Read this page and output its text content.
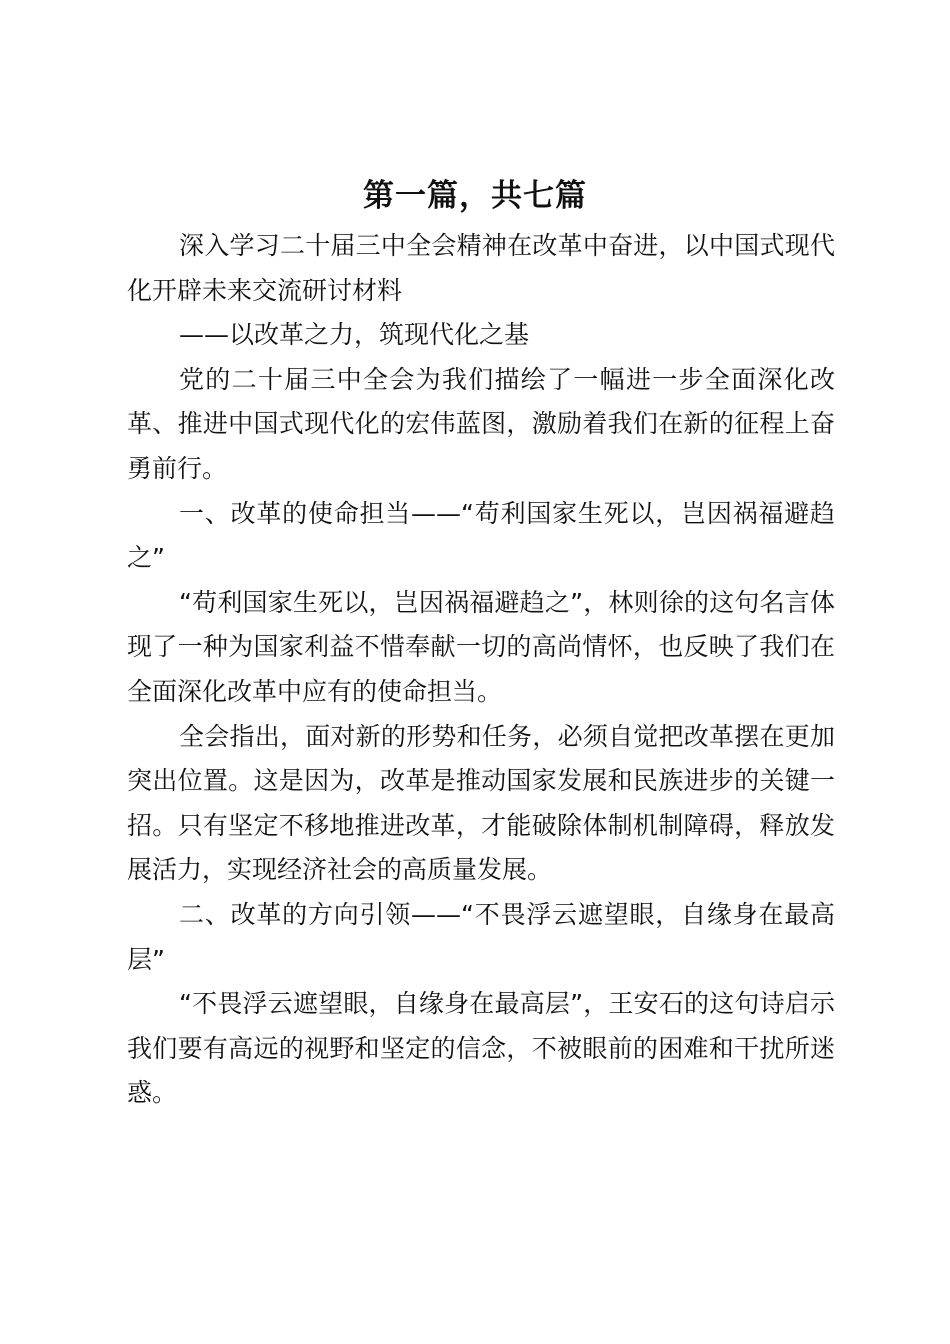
第一篇，共七篇

深入学习二十届三中全会精神在改革中奋进，以中国式现代化开辟未来交流研讨材料

——以改革之力，筑现代化之基

党的二十届三中全会为我们描绘了一幅进一步全面深化改革、推进中国式现代化的宏伟蓝图，激励着我们在新的征程上奋勇前行。

一、改革的使命担当——“苟利国家生死以，岂因祸福避趋之”

“苟利国家生死以，岂因祸福避趋之”，林则徐的这句名言体现了一种为国家利益不惜奉献一切的高尚情怀，也反映了我们在全面深化改革中应有的使命担当。

全会指出，面对新的形势和任务，必须自觉把改革摆在更加突出位置。这是因为，改革是推动国家发展和民族进步的关键一招。只有坚定不移地推进改革，才能破除体制机制障碍，释放发展活力，实现经济社会的高质量发展。

二、改革的方向引领——“不畏浮云遮望眼，自缘身在最高层”

“不畏浮云遮望眼，自缘身在最高层”，王安石的这句诗启示我们要有高远的视野和坚定的信念，不被眼前的困难和干扰所迷惑。
